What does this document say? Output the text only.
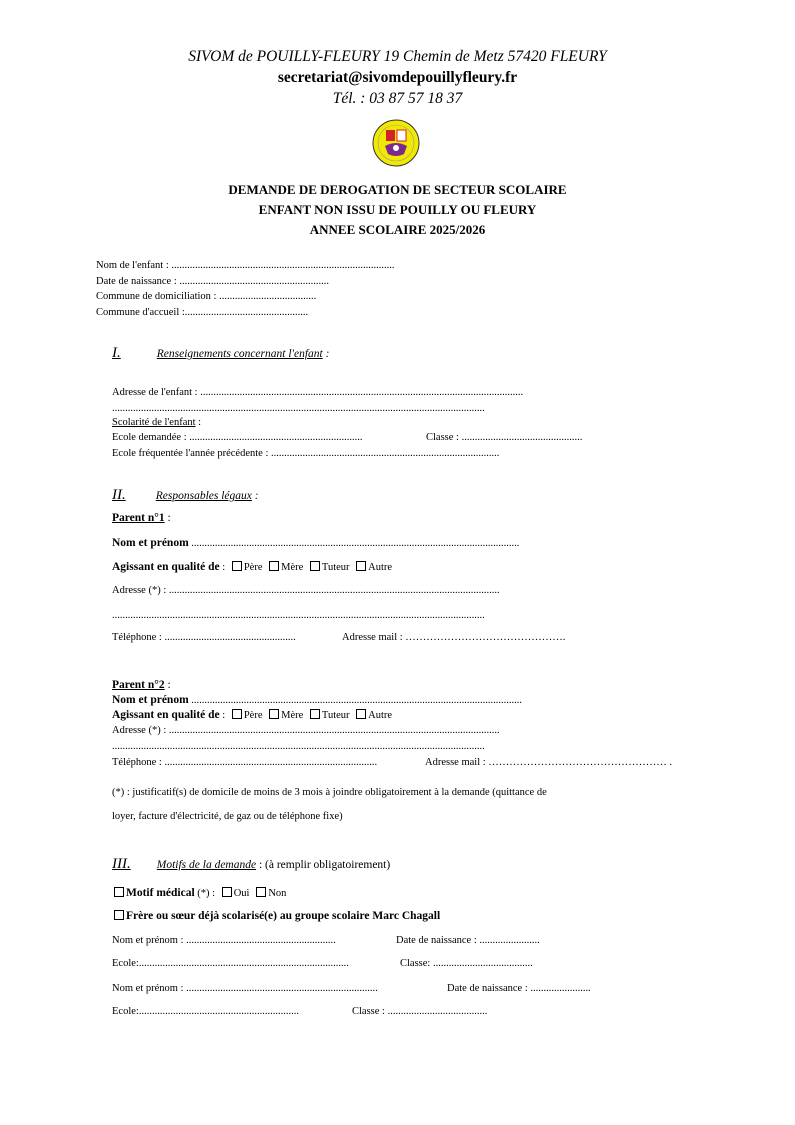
SIVOM de POUILLY-FLEURY 19 Chemin de Metz 57420 FLEURY
secretariat@sivomdepouillyfleury.fr
Tél. : 03 87 57 18 37
DEMANDE DE DEROGATION DE SECTEUR SCOLAIRE
ENFANT NON ISSU DE POUILLY OU FLEURY
ANNEE SCOLAIRE 2025/2026
Nom de l'enfant : .....................................................................................
Date de naissance : .........................................................
Commune de domiciliation : .....................................
Commune d'accueil :...............................................
I.	Renseignements concernant l'enfant :
Adresse de l'enfant : ...........................................................................................................................
..............................................................................................................................................
Scolarité de l'enfant :
Ecole demandée : ..................................................................	Classe : ..............................................
Ecole fréquentée l'année précédente : .......................................................................................
II.	Responsables légaux :
Parent n°1 :
Nom et prénom .............................................................................................................................
Agissant en qualité de : Père Mère Tuteur Autre
Adresse (*) : ..............................................................................................................................
..............................................................................................................................................
Téléphone : ..................................................	Adresse mail : ……………………………………….
Parent n°2 :
Nom et prénom ..............................................................................................................................
Agissant en qualité de : Père Mère Tuteur Autre
Adresse (*) : ..............................................................................................................................
..............................................................................................................................................
Téléphone : .................................................................................	Adresse mail : …………………………………………… .
(*) : justificatif(s) de domicile de moins de 3 mois à joindre obligatoirement à la demande (quittance de
loyer, facture d'électricité, de gaz ou de téléphone fixe)
III. Motifs de la demande : (à remplir obligatoirement)
Motif médical (*) : Oui Non
Frère ou sœur déjà scolarisé(e) au groupe scolaire Marc Chagall
Nom et prénom : .........................................................	Date de naissance : .......................
Ecole:................................................................................	Classe: ......................................
Nom et prénom : .........................................................................	Date de naissance : .......................
Ecole:.............................................................	Classe : ......................................
